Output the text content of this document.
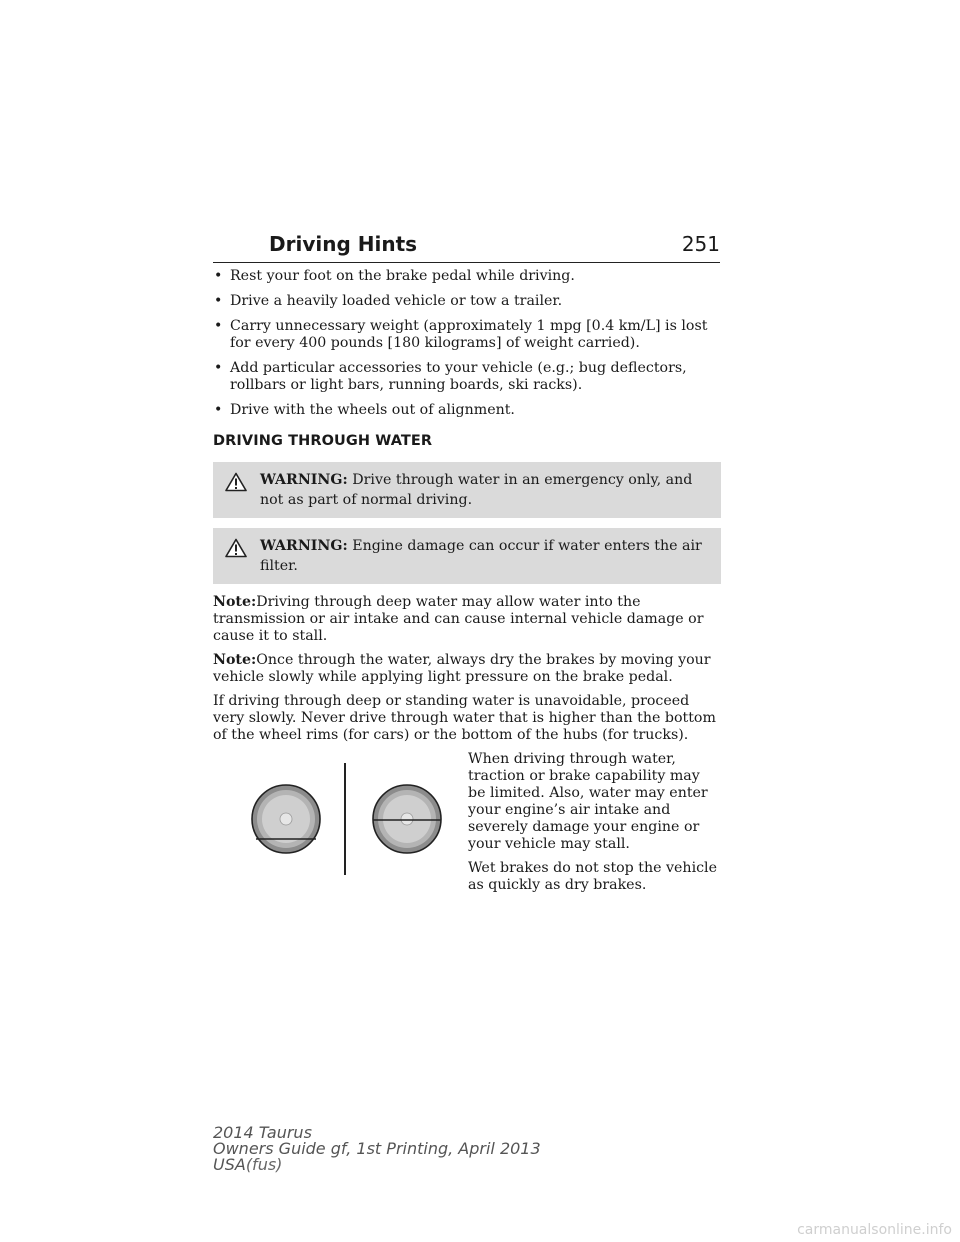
Driving Hints	251
• Rest your foot on the brake pedal while driving.
• Drive a heavily loaded vehicle or tow a trailer.
• Carry unnecessary weight (approximately 1 mpg [0.4 km/L] is lost for every 400 pounds [180 kilograms] of weight carried).
• Add particular accessories to your vehicle (e.g.; bug deflectors, rollbars or light bars, running boards, ski racks).
• Drive with the wheels out of alignment.
DRIVING THROUGH WATER
WARNING: Drive through water in an emergency only, and not as part of normal driving.
WARNING: Engine damage can occur if water enters the air filter.

Note:Driving through deep water may allow water into the transmission or air intake and can cause internal vehicle damage or cause it to stall.

Note:Once through the water, always dry the brakes by moving your vehicle slowly while applying light pressure on the brake pedal.

If driving through deep or standing water is unavoidable, proceed very slowly. Never drive through water that is higher than the bottom of the wheel rims (for cars) or the bottom of the hubs (for trucks).

When driving through water, traction or brake capability may be limited. Also, water may enter your engine’s air intake and severely damage your engine or your vehicle may stall.

Wet brakes do not stop the vehicle as quickly as dry brakes.

2014 Taurus
Owners Guide gf, 1st Printing, April 2013
USA(fus)
carmanualsonline.info
